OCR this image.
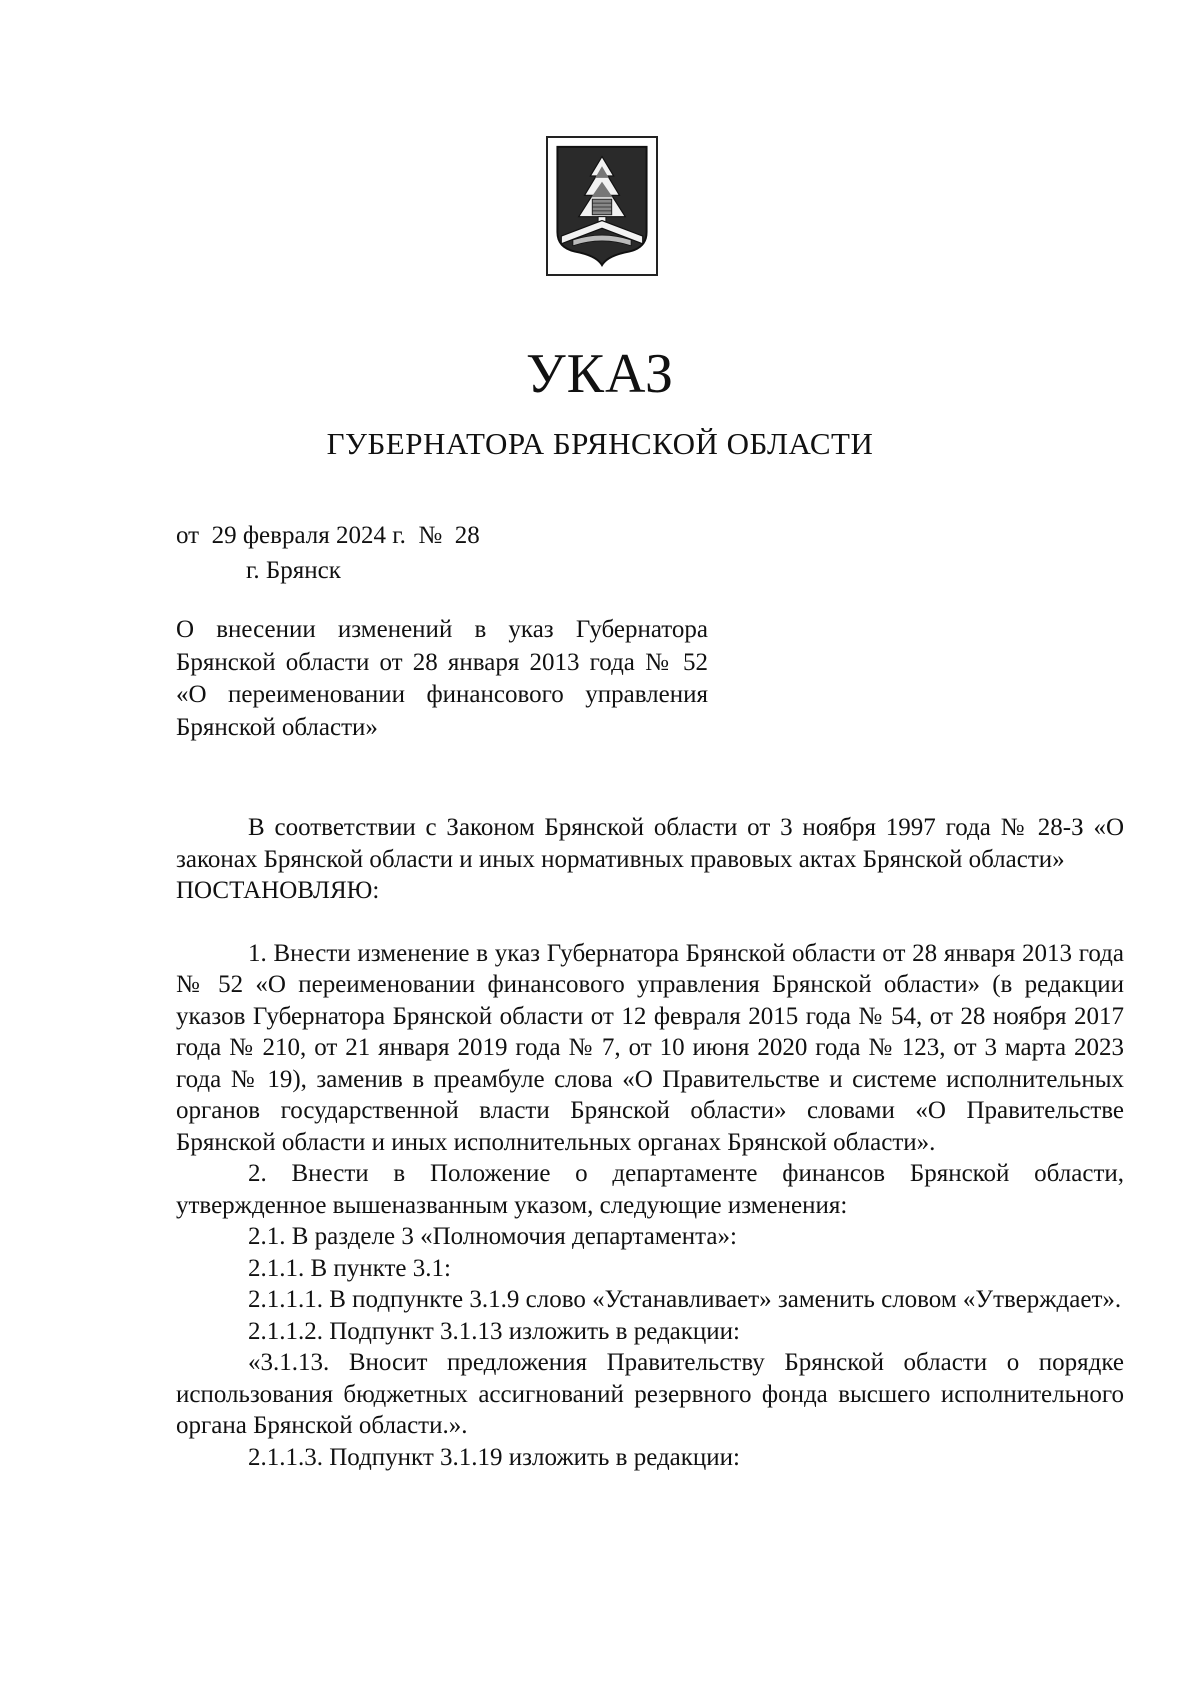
УКАЗ
ГУБЕРНАТОРА БРЯНСКОЙ ОБЛАСТИ
от  29 февраля 2024 г.  №  28
г. Брянск
О внесении изменений в указ Губернатора Брянской области от 28 января 2013 года № 52 «О переименовании финансового управления Брянской области»

В соответствии с Законом Брянской области от 3 ноября 1997 года № 28-З «О законах Брянской области и иных нормативных правовых актах Брянской области»

ПОСТАНОВЛЯЮ:

1. Внести изменение в указ Губернатора Брянской области от 28 января 2013 года № 52 «О переименовании финансового управления Брянской области» (в редакции указов Губернатора Брянской области от 12 февраля 2015 года № 54, от 28 ноября 2017 года № 210, от 21 января 2019 года № 7, от 10 июня 2020 года № 123, от 3 марта 2023 года № 19), заменив в преамбуле слова «О Правительстве и системе исполнительных органов государственной власти Брянской области» словами «О Правительстве Брянской области и иных исполнительных органах Брянской области».

2. Внести в Положение о департаменте финансов Брянской области, утвержденное вышеназванным указом, следующие изменения:

2.1. В разделе 3 «Полномочия департамента»:

2.1.1. В пункте 3.1:

2.1.1.1. В подпункте 3.1.9 слово «Устанавливает» заменить словом «Утверждает».

2.1.1.2. Подпункт 3.1.13 изложить в редакции:

«3.1.13. Вносит предложения Правительству Брянской области о порядке использования бюджетных ассигнований резервного фонда высшего исполнительного органа Брянской области.».

2.1.1.3. Подпункт 3.1.19 изложить в редакции:
